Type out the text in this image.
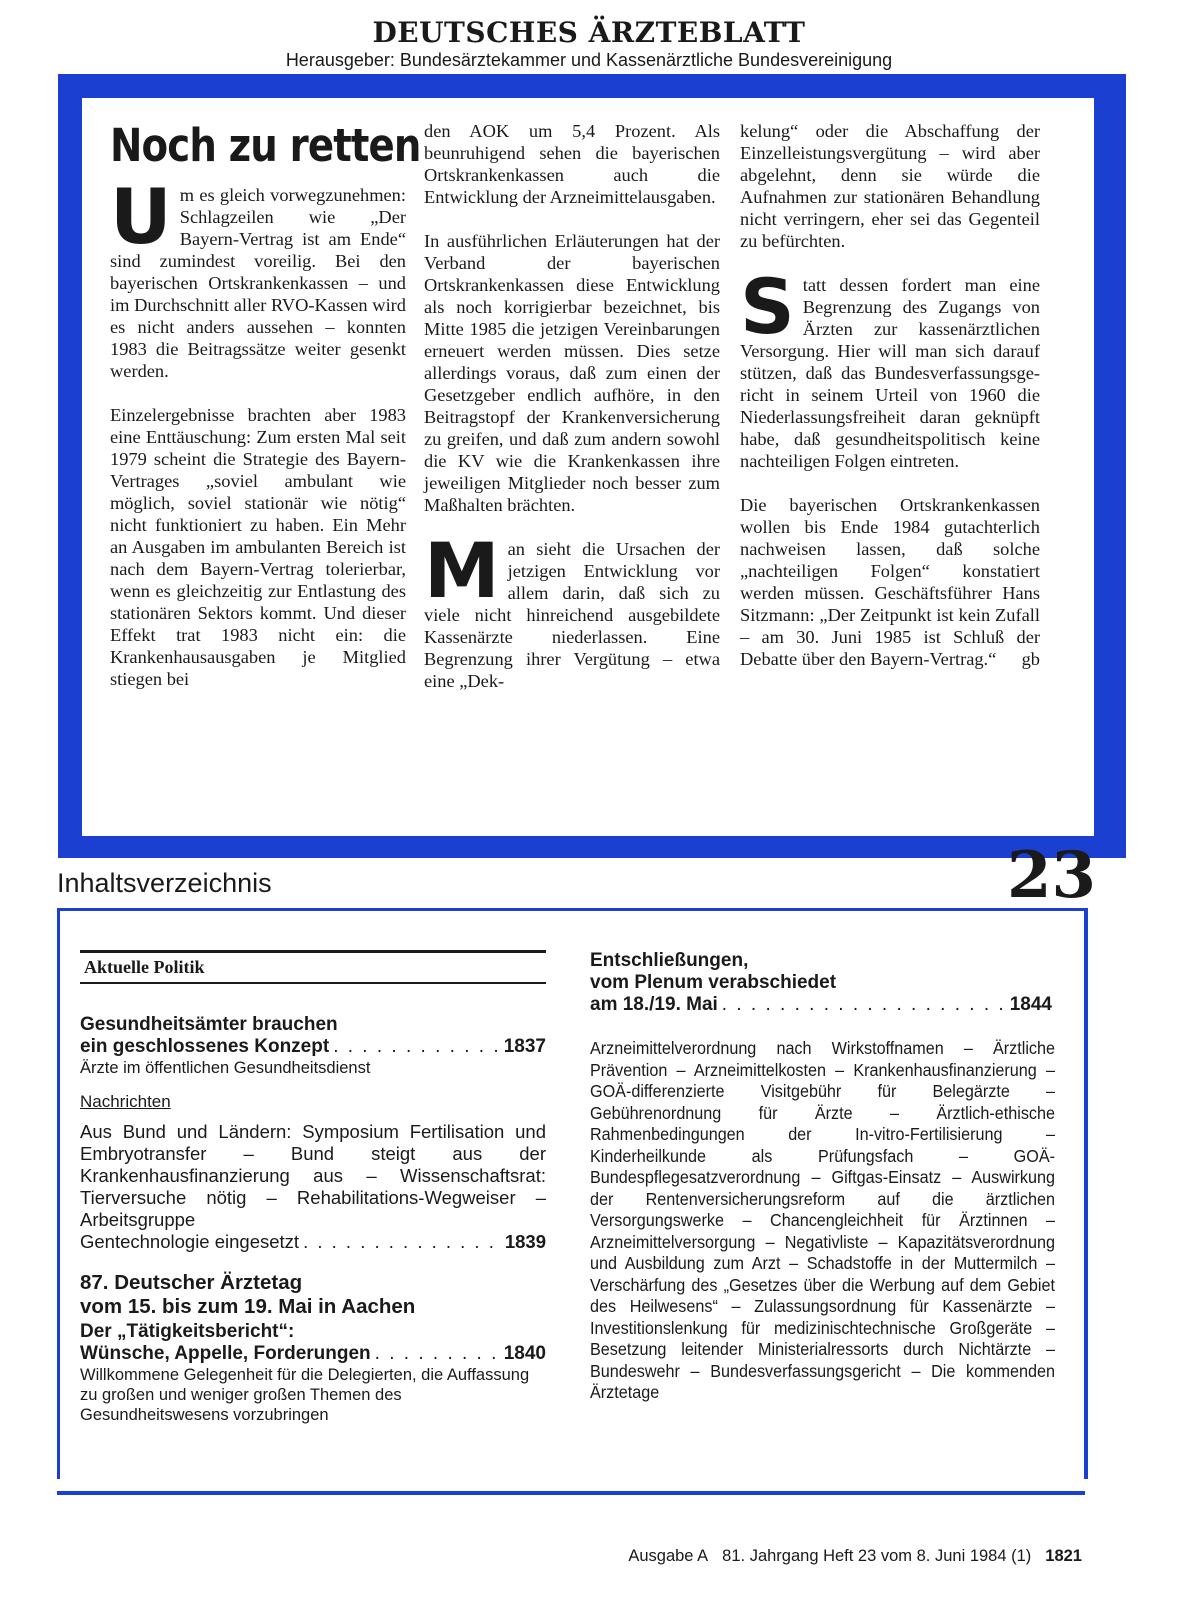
DEUTSCHES ÄRZTEBLATT
Herausgeber: Bundesärztekammer und Kassenärztliche Bundesvereinigung
Noch zu retten

Um es gleich vorwegzunehmen: Schlagzeilen wie „Der Bayern-Vertrag ist am Ende“ sind zumindest voreilig. Bei den bayerischen Ortskrankenkassen – und im Durchschnitt aller RVO-Kassen wird es nicht anders aussehen – konnten 1983 die Beitragssätze weiter gesenkt werden.

Einzelergebnisse brachten aber 1983 eine Enttäuschung: Zum ersten Mal seit 1979 scheint die Strategie des Bayern-Vertrages „soviel ambulant wie möglich, soviel stationär wie nötig“ nicht funktioniert zu haben. Ein Mehr an Ausgaben im ambulanten Bereich ist nach dem Bayern-Vertrag tolerierbar, wenn es gleichzeitig zur Entlastung des stationären Sektors kommt. Und dieser Effekt trat 1983 nicht ein: die Krankenhausausgaben je Mitglied stiegen bei

den AOK um 5,4 Prozent. Als beunruhigend sehen die bayerischen Ortskrankenkassen auch die Entwicklung der Arzneimittelausgaben.

In ausführlichen Erläuterungen hat der Verband der bayerischen Ortskrankenkassen diese Entwicklung als noch korrigierbar bezeichnet, bis Mitte 1985 die jetzigen Vereinbarungen erneuert werden müssen. Dies setze allerdings voraus, daß zum einen der Gesetzgeber endlich aufhöre, in den Beitragstopf der Krankenversicherung zu greifen, und daß zum andern sowohl die KV wie die Krankenkassen ihre jeweiligen Mitglieder noch besser zum Maßhalten brächten.

Man sieht die Ursachen der jetzigen Entwicklung vor allem darin, daß sich zu viele nicht hinreichend ausgebildete Kassenärzte niederlassen. Eine Begrenzung ihrer Vergütung – etwa eine „Dek-

kelung“ oder die Abschaffung der Einzelleistungsvergütung – wird aber abgelehnt, denn sie würde die Aufnahmen zur stationären Behandlung nicht verringern, eher sei das Gegenteil zu befürchten.

Statt dessen fordert man eine Begrenzung des Zugangs von Ärzten zur kassenärztlichen Versorgung. Hier will man sich darauf stützen, daß das Bundesverfassungsgericht in seinem Urteil von 1960 die Niederlassungsfreiheit daran geknüpft habe, daß gesundheitspolitisch keine nachteiligen Folgen eintreten.

Die bayerischen Ortskrankenkassen wollen bis Ende 1984 gutachterlich nachweisen lassen, daß solche „nachteiligen Folgen“ konstatiert werden müssen. Geschäftsführer Hans Sitzmann: „Der Zeitpunkt ist kein Zufall – am 30. Juni 1985 ist Schluß der Debatte über den Bayern-Vertrag.“ gb

Inhaltsverzeichnis	23
Aktuelle Politik
Gesundheitsämter brauchen
ein geschlossenes Konzept . . .	1837
Ärzte im öffentlichen Gesundheitsdienst
Nachrichten
Aus Bund und Ländern: Symposium Fertilisation und Embryotransfer – Bund steigt aus der Krankenhausfinanzierung aus – Wissenschaftsrat: Tierversuche nötig – Rehabilitations-Wegweiser – Arbeitsgruppe
Gentechnologie eingesetzt . . .	1839
87. Deutscher Ärztetag
vom 15. bis zum 19. Mai in Aachen
Der „Tätigkeitsbericht“:
Wünsche, Appelle, Forderungen . . .	1840
Willkommene Gelegenheit für die Delegierten, die Auffassung zu großen und weniger großen Themen des Gesundheitswesens vorzubringen
Entschließungen,
vom Plenum verabschiedet
am 18./19. Mai . . .	1844
Arzneimittelverordnung nach Wirkstoffnamen – Ärztliche Prävention – Arzneimittelkosten – Krankenhausfinanzierung – GOÄ-differenzierte Visitgebühr für Belegärzte – Gebührenordnung für Ärzte – Ärztlich-ethische Rahmenbedingungen der In-vitro-Fertilisierung – Kinderheilkunde als Prüfungsfach – GOÄ-Bundespflegesatzverordnung – Giftgas-Einsatz – Auswirkung der Rentenversicherungsreform auf die ärztlichen Versorgungswerke – Chancengleichheit für Ärztinnen – Arzneimittelversorgung – Negativliste – Kapazitätsverordnung und Ausbildung zum Arzt – Schadstoffe in der Muttermilch – Verschärfung des „Gesetzes über die Werbung auf dem Gebiet des Heilwesens“ – Zulassungsordnung für Kassenärzte – Investitionslenkung für medizinischtechnische Großgeräte – Besetzung leitender Ministerialressorts durch Nichtärzte – Bundeswehr – Bundesverfassungsgericht – Die kommenden Ärztetage
Ausgabe A 81. Jahrgang Heft 23 vom 8. Juni 1984 (1) 1821
